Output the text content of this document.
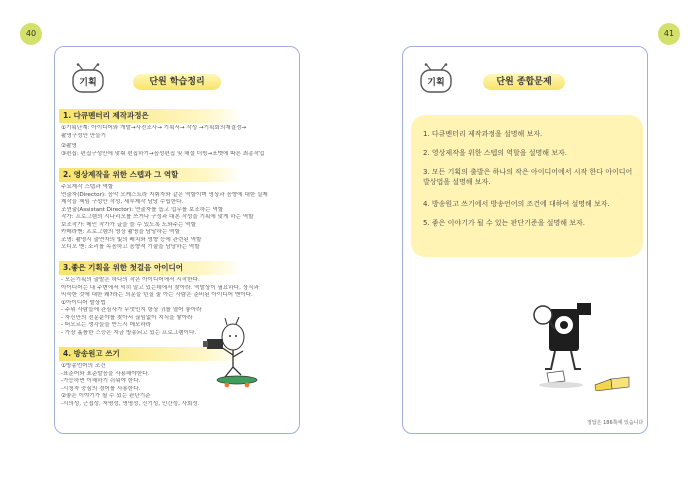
40	41
기획	단원 학습정리
1. 다큐멘터리 제작과정은
①기획단계: 아이디어와 개발→사전조사→ 기획서→ 작성 →기획회의재결정→
촬영구성안 만들기
②촬영
③편집: 편집구성안에 맞춰 편집하기→음성편집 및 해설 더빙→포멧에 따른 최종작업
2. 영상제작을 위한 스텝과 그 역할
주요제작 스텝과 역할
연출자(Director): 음악 오케스트라 지휘자와 같은 역할이며 영상과 음향에 대한 실제
제작을 책임 구성안 작성, 세부제작 담당 수립한다.
조연출(Assistant Director): 연출자를 돕고 업무를 보조하는 역할
작가: 프로그램의 시나리오를 쓰거나 구성과 대본 작성을 기획에 맞게 하는 역할
보조작가: 메인 작가가 글을 쓸 수 있도록 도와주는 역할
카메라맨: 프로그램의 영상 촬영을 담당하는 역할
조명: 촬영시 출연자의 빛의 배치와 영향 등에 관련된 역할
오디오 맨: 소리를 녹음하고 음향적 기술을 담당하는 역할
3.좋은 기획을 위한 첫걸음 아이디어
- 모든기획의 출발은 하나의 작은 아이디어에서 시작한다.
아이디어는 내 주변에서 익히 알고 있는데에서 찾아라. 역발상이 필요하다, 상식과
익숙한 것에 대한 왜?라는 의문을 던질 줄 아는 사람은 준비된 아이디어 맨이다.
①아이디어 발상법
- 주위 사람들에 관심사가 무엇인지 항상 귀를 열어 놓아라
- 자신만의 전문분야를 찾아서 끊임없이 지식을 쌓아라
- 떠오르는 생각들을 반드시 메모하라
- 가장 훌륭한 스승은 지금 방송되고 있는 프로그램이다.
4. 방송원고 쓰기
①방송언어의 조건
-표준어와 표준발음을 사용해야한다.
-가능하면 이해하기 쉬워야 한다.
-시청자 중심의 경어를 사용한다.
②좋은 이야기가 될 수 있는 판단기준
-시의성, 근접성, 저명성, 명명성, 신기성, 인간성, 사회성.
기획	단원 종합문제
1. 다큐멘터리 제작과정을 설명해 보자.
2. 영상제작을 위한 스텝의 역할을 설명해 보자.
3. 모든 기획의 출발은 하나의 작은 아이디어에서 시작 한다 아이디어 발상법을 설명해 보자.
4. 방송원고 쓰기에서 방송언어의 조건에 대하여 설명해 보자.
5. 좋은 이야기가 될 수 있는 판단기준을 설명해 보자.
정답은 186쪽에 있습니다
